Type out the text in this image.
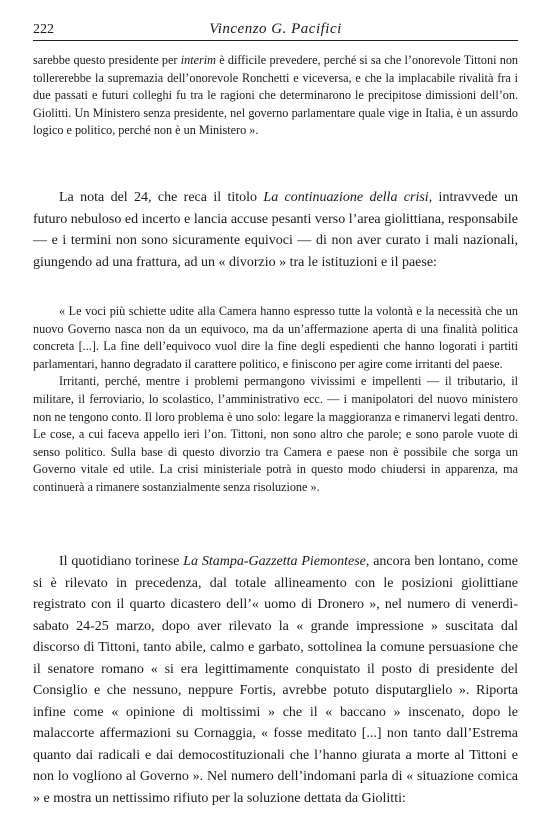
222	Vincenzo G. Pacifici

sarebbe questo presidente per interim è difficile prevedere, perché si sa che l’onorevole Tittoni non tollererebbe la supremazia dell’onorevole Ronchetti e viceversa, e che la implacabile rivalità fra i due passati e futuri colleghi fu tra le ragioni che determinarono le precipitose dimissioni dell’on. Giolitti. Un Ministero senza presidente, nel governo parlamentare quale vige in Italia, è un assurdo logico e politico, perché non è un Ministero ».

La nota del 24, che reca il titolo La continuazione della crisi, intravvede un futuro nebuloso ed incerto e lancia accuse pesanti verso l’area giolittiana, responsabile — e i termini non sono sicuramente equivoci — di non aver curato i mali nazionali, giungendo ad una frattura, ad un « divorzio » tra le istituzioni e il paese:

« Le voci più schiette udite alla Camera hanno espresso tutte la volontà e la necessità che un nuovo Governo nasca non da un equivoco, ma da un’affermazione aperta di una finalità politica concreta [...]. La fine dell’equivoco vuol dire la fine degli espedienti che hanno logorati i partiti parlamentari, hanno degradato il carattere politico, e finiscono per agire come irritanti del paese.

Irritanti, perché, mentre i problemi permangono vivissimi e impellenti — il tributario, il militare, il ferroviario, lo scolastico, l’amministrativo ecc. — i manipolatori del nuovo ministero non ne tengono conto. Il loro problema è uno solo: legare la maggioranza e rimanervi legati dentro. Le cose, a cui faceva appello ieri l’on. Tittoni, non sono altro che parole; e sono parole vuote di senso politico. Sulla base di questo divorzio tra Camera e paese non è possibile che sorga un Governo vitale ed utile. La crisi ministeriale potrà in questo modo chiudersi in apparenza, ma continuerà a rimanere sostanzialmente senza risoluzione ».

Il quotidiano torinese La Stampa-Gazzetta Piemontese, ancora ben lontano, come si è rilevato in precedenza, dal totale allineamento con le posizioni giolittiane registrato con il quarto dicastero dell’« uomo di Dronero », nel numero di venerdì-sabato 24-25 marzo, dopo aver rilevato la « grande impressione » suscitata dal discorso di Tittoni, tanto abile, calmo e garbato, sottolinea la comune persuasione che il senatore romano « si era legittimamente conquistato il posto di presidente del Consiglio e che nessuno, neppure Fortis, avrebbe potuto disputarglielo ». Riporta infine come « opinione di moltissimi » che il « baccano » inscenato, dopo le malaccorte affermazioni su Cornaggia, « fosse meditato [...] non tanto dall’Estrema quanto dai radicali e dai democostituzionali che l’hanno giurata a morte al Tittoni e non lo vogliono al Governo ». Nel numero dell’indomani parla di « situazione comica » e mostra un nettissimo rifiuto per la soluzione dettata da Giolitti:
